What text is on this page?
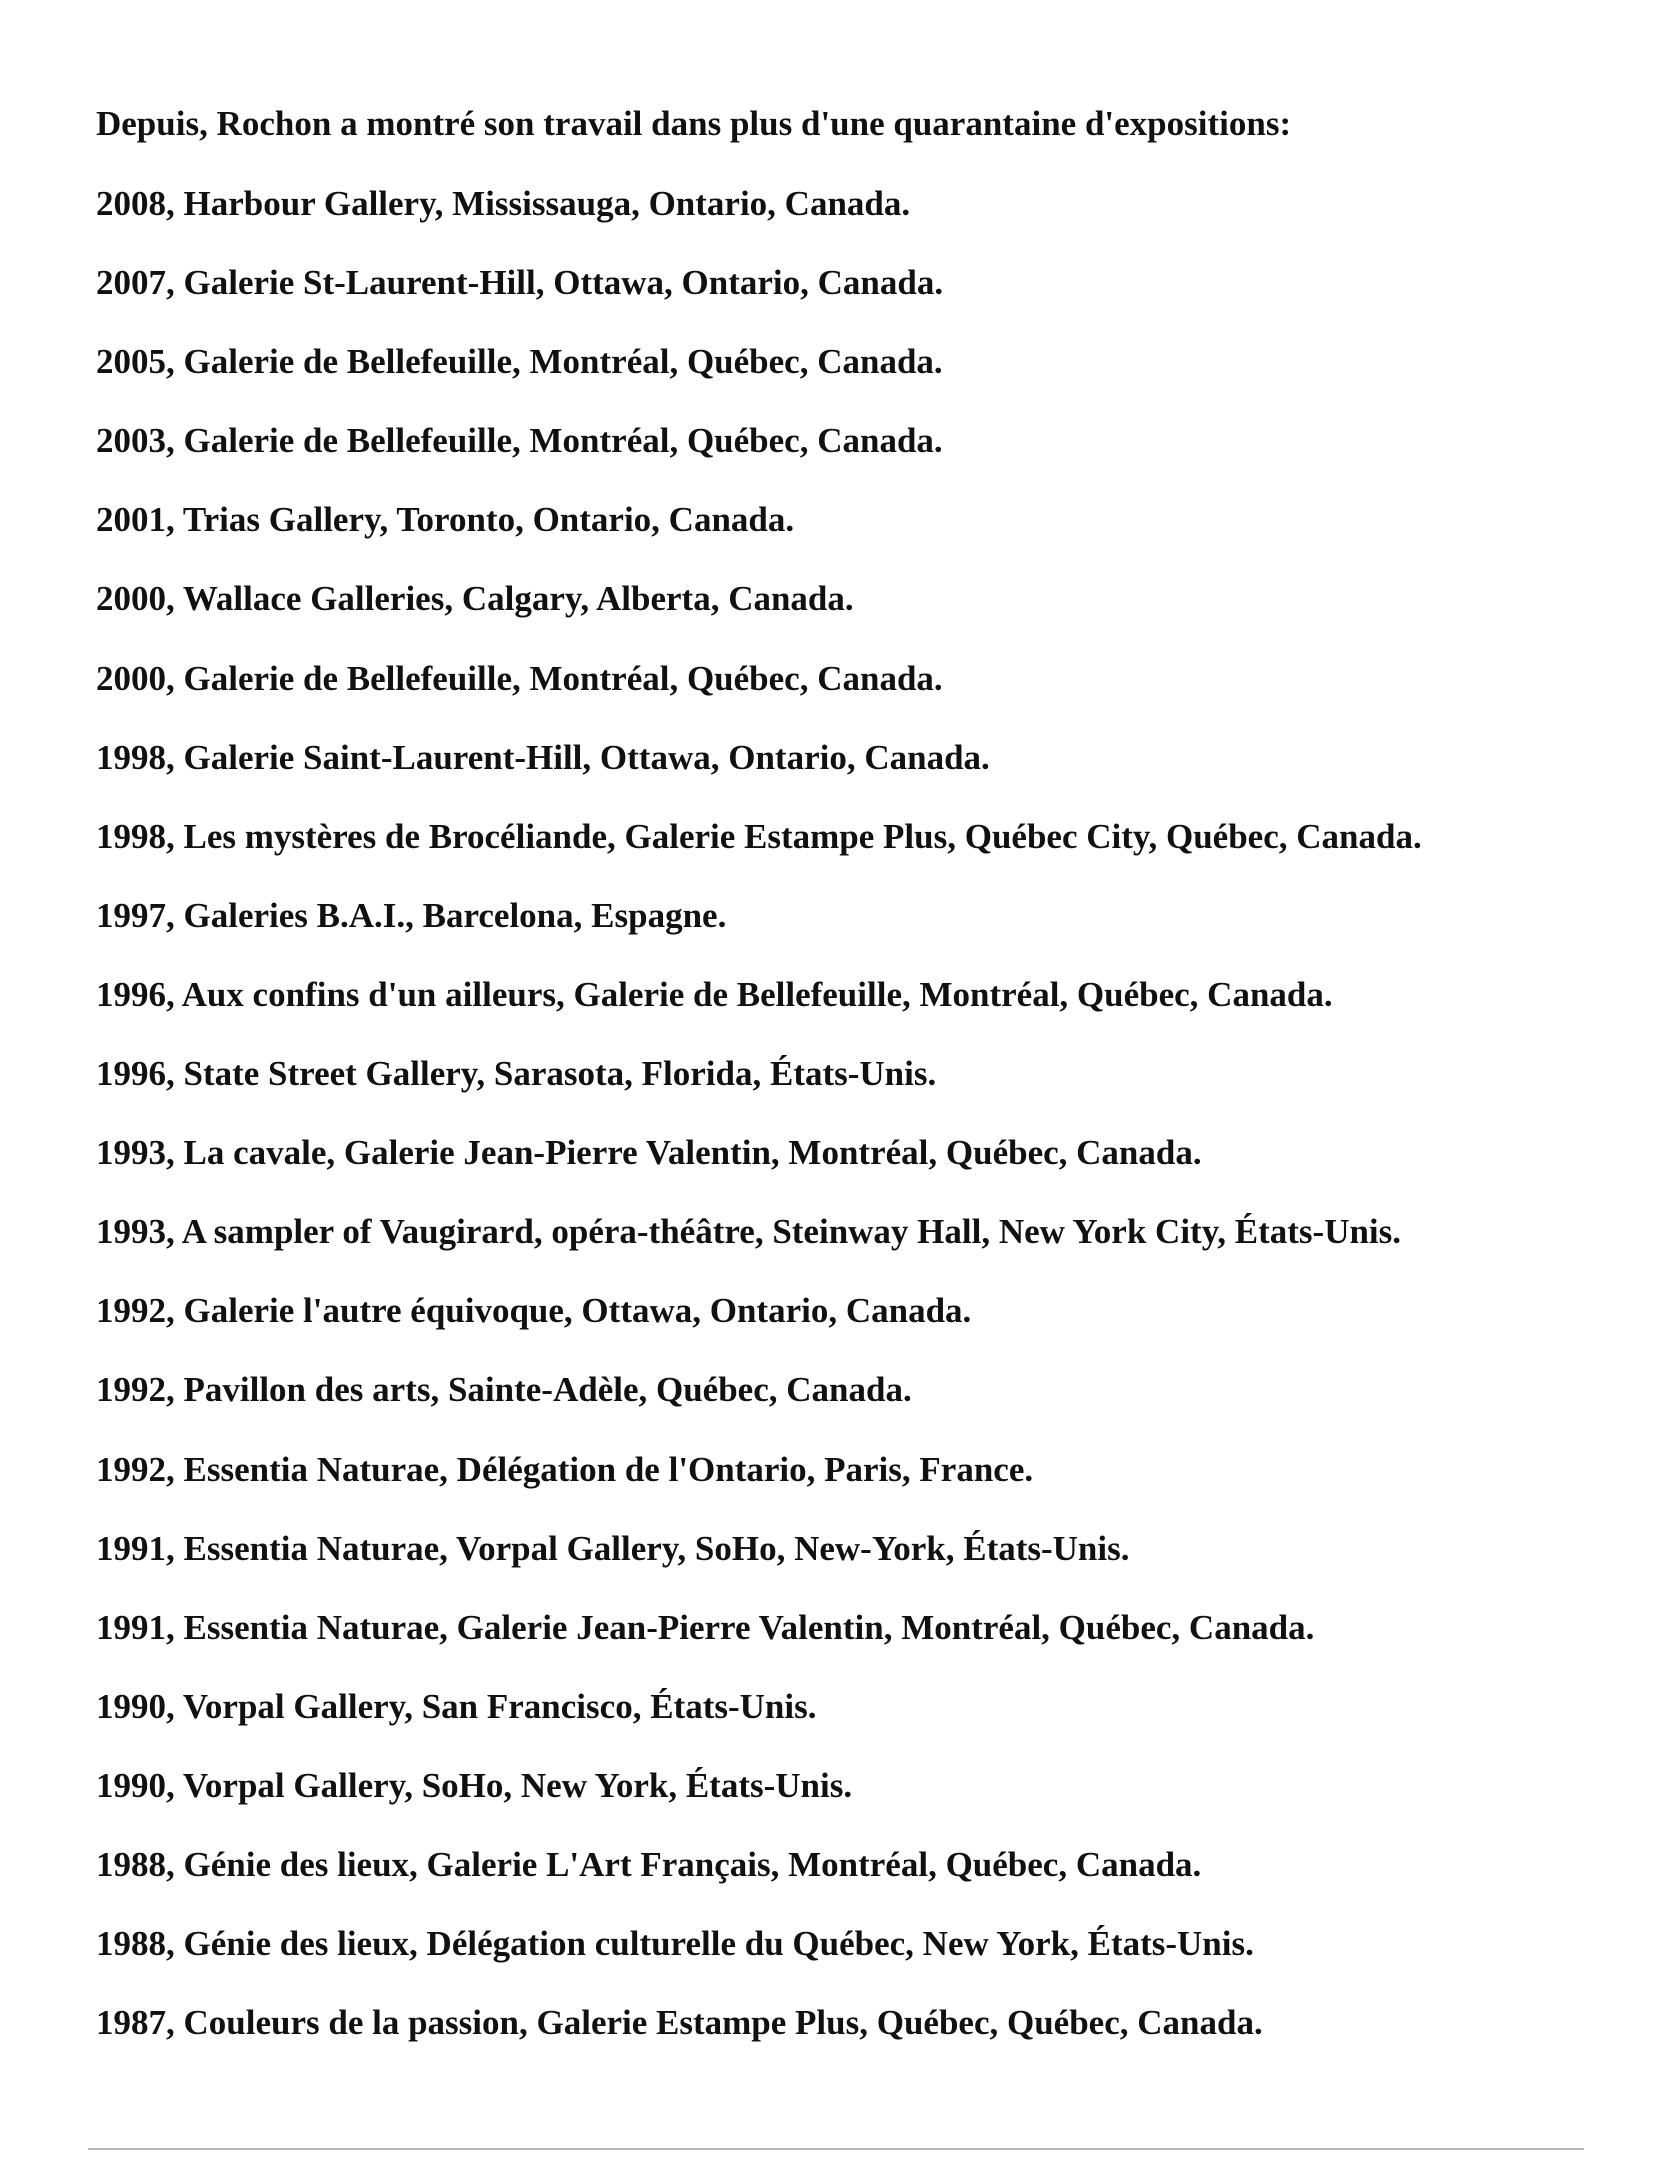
Depuis, Rochon a montré son travail dans plus d'une quarantaine d'expositions:

2008, Harbour Gallery, Mississauga, Ontario, Canada.
2007, Galerie St-Laurent-Hill, Ottawa, Ontario, Canada.
2005, Galerie de Bellefeuille, Montréal, Québec, Canada.
2003, Galerie de Bellefeuille, Montréal, Québec, Canada.
2001, Trias Gallery, Toronto, Ontario, Canada.
2000, Wallace Galleries, Calgary, Alberta, Canada.
2000, Galerie de Bellefeuille, Montréal, Québec, Canada.
1998, Galerie Saint-Laurent-Hill, Ottawa, Ontario, Canada.
1998, Les mystères de Brocéliande, Galerie Estampe Plus, Québec City, Québec, Canada.
1997, Galeries B.A.I., Barcelona, Espagne.
1996, Aux confins d'un ailleurs, Galerie de Bellefeuille, Montréal, Québec, Canada.
1996, State Street Gallery, Sarasota, Florida, États-Unis.
1993, La cavale, Galerie Jean-Pierre Valentin, Montréal, Québec, Canada.
1993, A sampler of Vaugirard, opéra-théâtre, Steinway Hall, New York City, États-Unis.
1992, Galerie l'autre équivoque, Ottawa, Ontario, Canada.
1992, Pavillon des arts, Sainte-Adèle, Québec, Canada.
1992, Essentia Naturae, Délégation de l'Ontario, Paris, France.
1991, Essentia Naturae, Vorpal Gallery, SoHo, New-York, États-Unis.
1991, Essentia Naturae, Galerie Jean-Pierre Valentin, Montréal, Québec, Canada.
1990, Vorpal Gallery, San Francisco, États-Unis.
1990, Vorpal Gallery, SoHo, New York, États-Unis.
1988, Génie des lieux, Galerie L'Art Français, Montréal, Québec, Canada.
1988, Génie des lieux, Délégation culturelle du Québec, New York, États-Unis.
1987, Couleurs de la passion, Galerie Estampe Plus, Québec, Québec, Canada.
